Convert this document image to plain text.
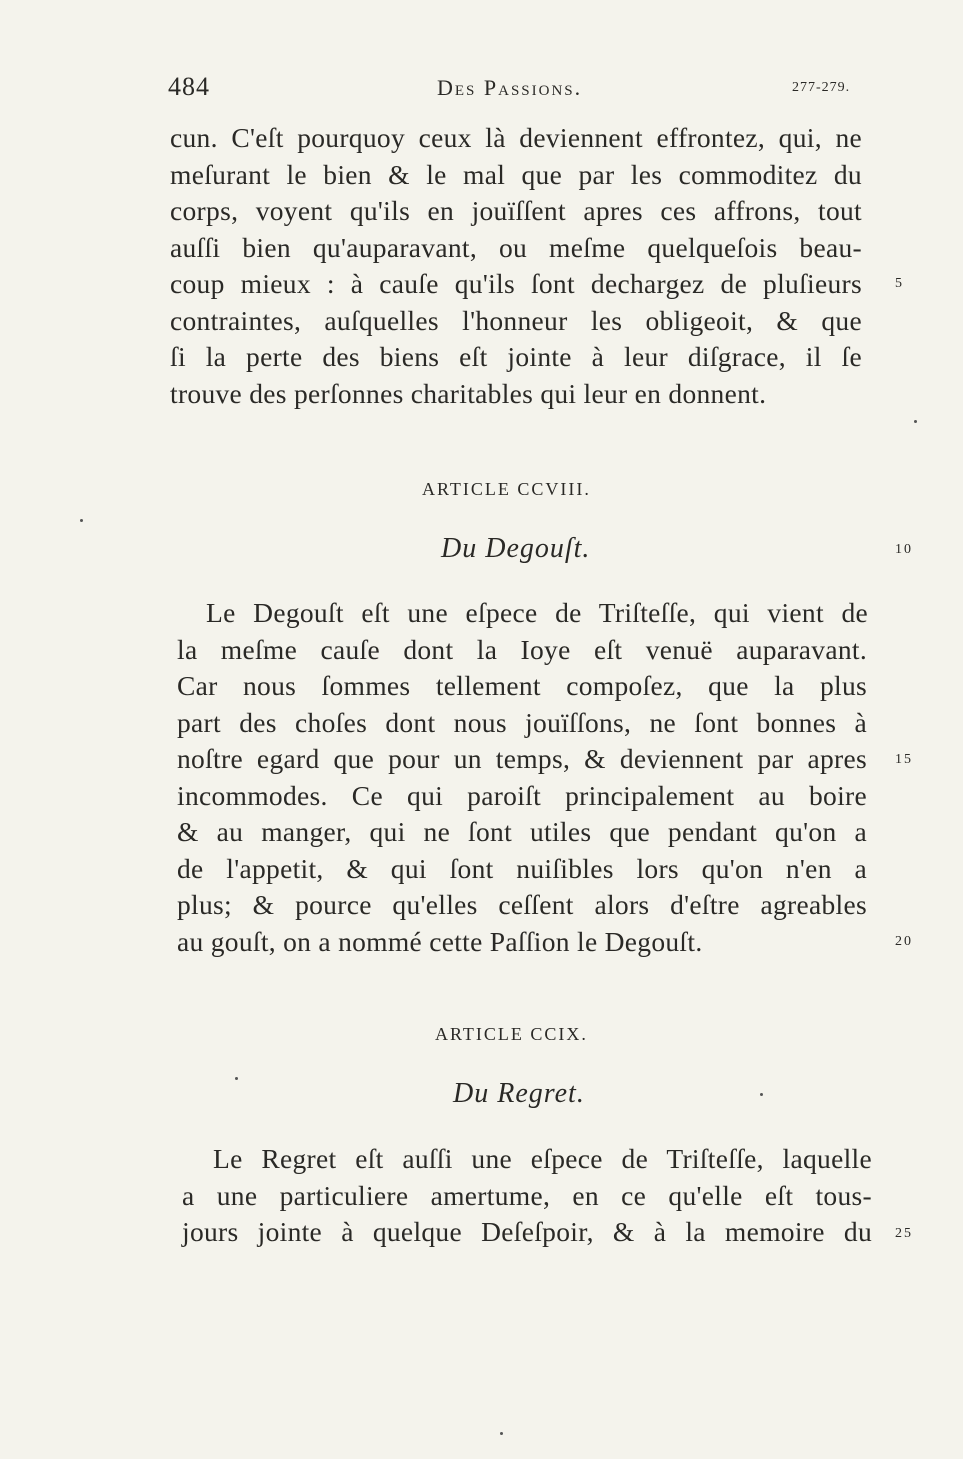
484	Des Passions.	277-279.
cun. C'eſt pourquoy ceux là deviennent effrontez, qui, ne
meſurant le bien & le mal que par les commoditez du
corps, voyent qu'ils en jouïſſent apres ces affrons, tout
auſſi bien qu'auparavant, ou meſme quelqueſois beau-
coup mieux : à cauſe qu'ils ſont dechargez de pluſieurs
contraintes, auſquelles l'honneur les obligeoit, & que
ſi la perte des biens eſt jointe à leur diſgrace, il ſe
trouve des perſonnes charitables qui leur en donnent.
5
ARTICLE CCVIII.
Du Degouſt.	10
Le Degouſt eſt une eſpece de Triſteſſe, qui vient de
la meſme cauſe dont la Ioye eſt venuë auparavant.
Car nous ſommes tellement compoſez, que la plus
part des choſes dont nous jouïſſons, ne ſont bonnes à
noſtre egard que pour un temps, & deviennent par apres
incommodes. Ce qui paroiſt principalement au boire
& au manger, qui ne ſont utiles que pendant qu'on a
de l'appetit, & qui ſont nuiſibles lors qu'on n'en a
plus; & pource qu'elles ceſſent alors d'eſtre agreables
au gouſt, on a nommé cette Paſſion le Degouſt.
15
20
ARTICLE CCIX.
Du Regret.
Le Regret eſt auſſi une eſpece de Triſteſſe, laquelle
a une particuliere amertume, en ce qu'elle eſt tous-
jours jointe à quelque Deſeſpoir, & à la memoire du 25
